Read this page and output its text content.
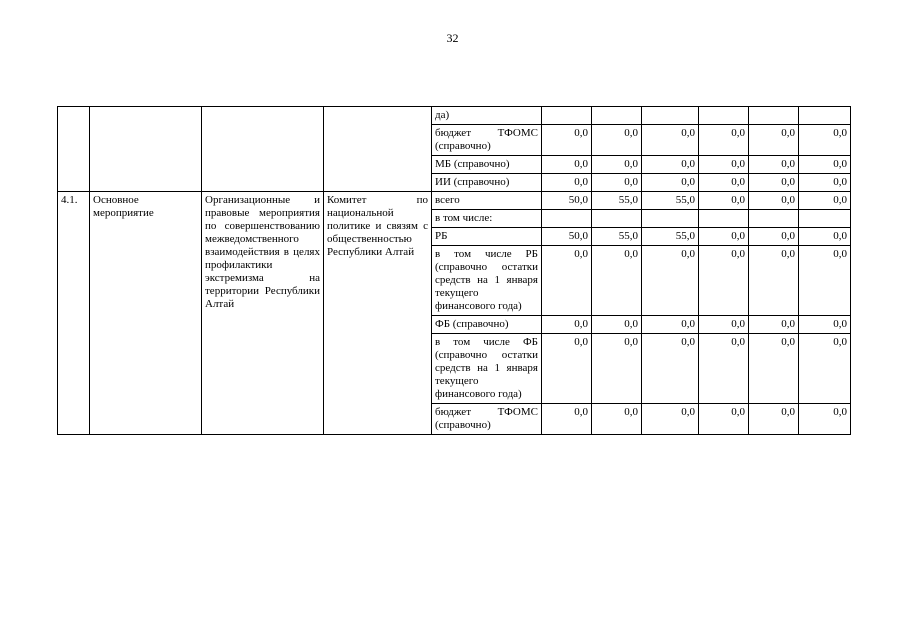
32
				да)						
				бюджет ТФОМС (справочно)	0,0	0,0	0,0	0,0	0,0	0,0
				МБ (справочно)	0,0	0,0	0,0	0,0	0,0	0,0
				ИИ (справочно)	0,0	0,0	0,0	0,0	0,0	0,0
4.1.	Основное мероприятие	Организационные и правовые мероприятия по совершенствованию межведомственного взаимодействия в целях профилактики экстремизма на территории Республики Алтай	Комитет по национальной политике и связям с общественностью Республики Алтай	всего	50,0	55,0	55,0	0,0	0,0	0,0
				в том числе:						
				РБ	50,0	55,0	55,0	0,0	0,0	0,0
				в том числе РБ (справочно остатки средств на 1 января текущего финансового года)	0,0	0,0	0,0	0,0	0,0	0,0
				ФБ (справочно)	0,0	0,0	0,0	0,0	0,0	0,0
				в том числе ФБ (справочно остатки средств на 1 января текущего финансового года)	0,0	0,0	0,0	0,0	0,0	0,0
				бюджет ТФОМС (справочно)	0,0	0,0	0,0	0,0	0,0	0,0
